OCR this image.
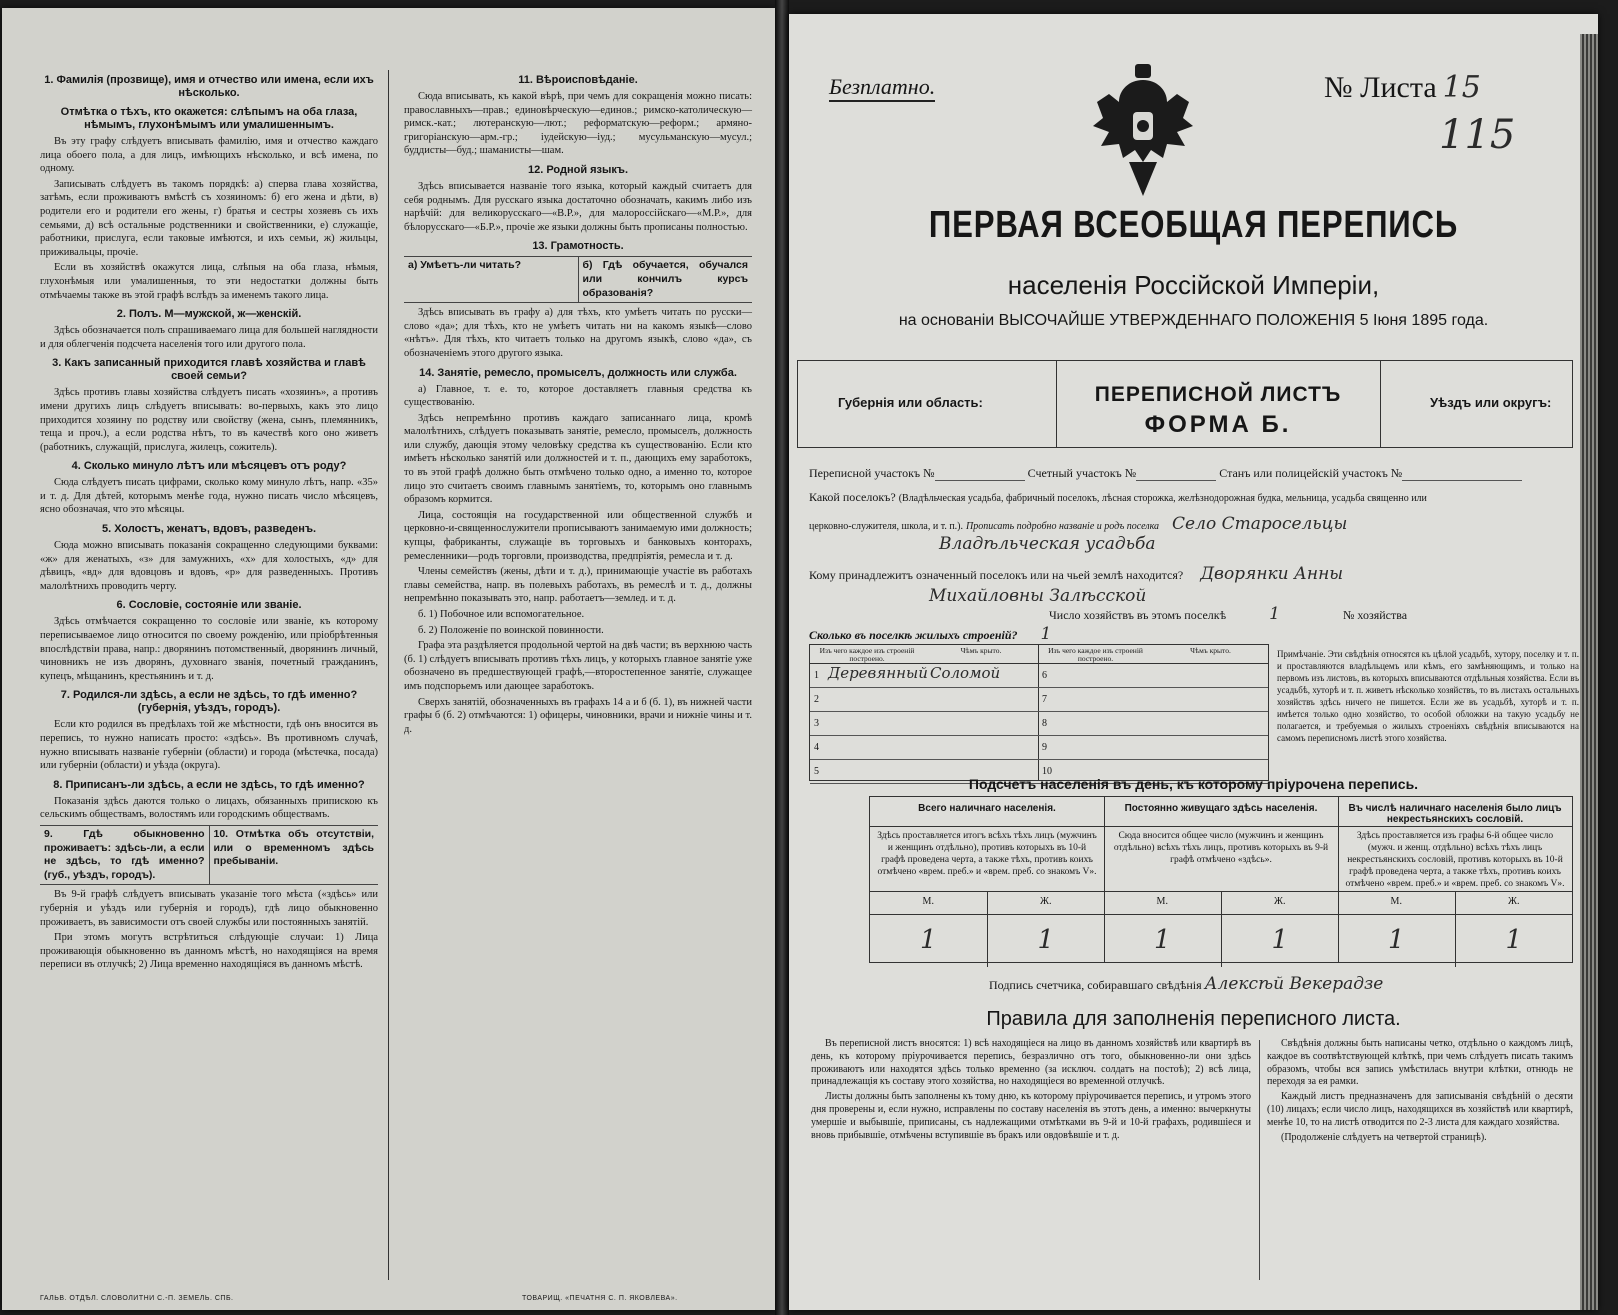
1. Фамилія (прозвище), имя и отчество или имена, если ихъ нѣсколько.
Отмѣтка о тѣхъ, кто окажется: слѣпымъ на оба глаза, нѣмымъ, глухонѣмымъ или умалишеннымъ.
Въ эту графу слѣдуетъ вписывать фамилію, имя и отчество каждаго лица обоего пола, а для лицъ, имѣющихъ нѣсколько, и всѣ имена, по одному.
Записывать слѣдуетъ въ такомъ порядкѣ: а) сперва глава хозяйства, затѣмъ, если проживаютъ вмѣстѣ съ хозяиномъ: б) его жена и дѣти, в) родители его и родители его жены, г) братья и сестры хозяевъ съ ихъ семьями, д) всѣ остальные родственники и свойственники, е) служащіе, работники, прислуга, если таковые имѣются, и ихъ семьи, ж) жильцы, приживальцы, прочіе.
Если въ хозяйствѣ окажутся лица, слѣпыя на оба глаза, нѣмыя, глухонѣмыя или умалишенныя, то эти недостатки должны быть отмѣчаемы также въ этой графѣ вслѣдъ за именемъ такого лица.
2. Полъ. М—мужской, ж—женскій.
Здѣсь обозначается полъ спрашиваемаго лица для большей наглядности и для облегченія подсчета населенія того или другого пола.
3. Какъ записанный приходится главѣ хозяйства и главѣ своей семьи?
Здѣсь противъ главы хозяйства слѣдуетъ писать «хозяинъ», а противъ имени другихъ лицъ слѣдуетъ вписывать: во-первыхъ, какъ это лицо приходится хозяину по родству или свойству (жена, сынъ, племянникъ, теща и проч.), а если родства нѣтъ, то въ качествѣ кого оно живетъ (работникъ, служащій, прислуга, жилецъ, сожитель).
4. Сколько минуло лѣтъ или мѣсяцевъ отъ роду?
Сюда слѣдуетъ писать цифрами, сколько кому минуло лѣтъ, напр. «35» и т. д. Для дѣтей, которымъ менѣе года, нужно писать число мѣсяцевъ, ясно обозначая, что это мѣсяцы.
5. Холостъ, женатъ, вдовъ, разведенъ.
Сюда можно вписывать показанія сокращенно следующими буквами: «ж» для женатыхъ, «з» для замужнихъ, «х» для холостыхъ, «д» для дѣвицъ, «вд» для вдовцовъ и вдовъ, «р» для разведенныхъ. Противъ малолѣтнихъ проводить черту.
6. Сословіе, состояніе или званіе.
Здѣсь отмѣчается сокращенно то сословіе или званіе, къ которому переписываемое лицо относится по своему рожденію, или пріобрѣтенныя впослѣдствіи права, напр.: дворянинъ потомственный, дворянинъ личный, чиновникъ не изъ дворянъ, духовнаго званія, почетный гражданинъ, купецъ, мѣщанинъ, крестьянинъ и т. д.
7. Родился-ли здѣсь, а если не здѣсь, то гдѣ именно? (губернія, уѣздъ, городъ).
Если кто родился въ предѣлахъ той же мѣстности, гдѣ онъ вносится въ перепись, то нужно написать просто: «здѣсь». Въ противномъ случаѣ, нужно вписывать названіе губерніи (области) и города (мѣстечка, посада) или губерніи (области) и уѣзда (округа).
8. Приписанъ-ли здѣсь, а если не здѣсь, то гдѣ именно?
Показанія здѣсь даются только о лицахъ, обязанныхъ припискою къ сельскимъ обществамъ, волостямъ или городскимъ обществамъ.
9. Гдѣ обыкновенно проживаетъ: здѣсь-ли, а если не здѣсь, то гдѣ именно? (губ., уѣздъ, городъ).
10. Отмѣтка объ отсутствіи, или о временномъ здѣсь пребываніи.
Въ 9-й графѣ слѣдуетъ вписывать указаніе того мѣста («здѣсь» или губернія и уѣздъ или губернія и городъ), гдѣ лицо обыкновенно проживаетъ, въ зависимости отъ своей службы или постоянныхъ занятій.
При этомъ могутъ встрѣтиться слѣдующіе случаи: 1) Лица проживающія обыкновенно въ данномъ мѣстѣ, но находящіяся на время переписи въ отлучкѣ; 2) Лица временно находящіяся въ данномъ мѣстѣ.
11. Вѣроисповѣданіе.
Сюда вписывать, къ какой вѣрѣ, при чемъ для сокращенія можно писать: православныхъ—прав.; единовѣрческую—единов.; римско-католическую—римск.-кат.; лютеранскую—лют.; реформатскую—реформ.; армяно-григоріанскую—арм.-гр.; іудейскую—іуд.; мусульманскую—мусул.; буддисты—буд.; шаманисты—шам.
12. Родной языкъ.
Здѣсь вписывается названіе того языка, который каждый считаетъ для себя роднымъ. Для русскаго языка достаточно обозначать, какимъ либо изъ нарѣчій: для великорусскаго—«В.Р.», для малороссійскаго—«М.Р.», для бѣлорусскаго—«Б.Р.», прочіе же языки должны быть прописаны полностью.
13. Грамотность.
а) Умѣетъ-ли читать?	б) Гдѣ обучается, обучался или кончилъ курсъ образованія?
Здѣсь вписывать въ графу а) для тѣхъ, кто умѣетъ читать по русски—слово «да»; для тѣхъ, кто не умѣетъ читать ни на какомъ языкѣ—слово «нѣтъ». Для тѣхъ, кто читаетъ только на другомъ языкѣ, слово «да», съ обозначеніемъ этого другого языка.
14. Занятіе, ремесло, промыселъ, должность или служба.
а) Главное, т. е. то, которое доставляетъ главныя средства къ существованію.
Здѣсь непремѣнно противъ каждаго записаннаго лица, кромѣ малолѣтнихъ, слѣдуетъ показывать занятіе, ремесло, промыселъ, должность или службу, дающія этому человѣку средства къ существованію. Если кто имѣетъ нѣсколько занятій или должностей и т. п., дающихъ ему заработокъ, то въ этой графѣ должно быть отмѣчено только одно, а именно то, которое лицо это считаетъ своимъ главнымъ занятіемъ, то, которымъ оно главнымъ образомъ кормится.
Лица, состоящія на государственной или общественной службѣ и церковно-и-священнослужители прописываютъ занимаемую ими должность; купцы, фабриканты, служащіе въ торговыхъ и банковыхъ конторахъ, ремесленники—родъ торговли, производства, предпріятія, ремесла и т. д.
Члены семействъ (жены, дѣти и т. д.), принимающіе участіе въ работахъ главы семейства, напр. въ полевыхъ работахъ, въ ремеслѣ и т. д., должны непремѣнно показывать это, напр. работаетъ—землед. и т. д.
б. 1) Побочное или вспомогательное.
б. 2) Положеніе по воинской повинности.
Графа эта раздѣляется продольной чертой на двѣ части; въ верхнюю часть (б. 1) слѣдуетъ вписывать противъ тѣхъ лицъ, у которыхъ главное занятіе уже обозначено въ предшествующей графѣ,—второстепенное занятіе, служащее имъ подспорьемъ или дающее заработокъ.
Сверхъ занятій, обозначенныхъ въ графахъ 14 а и б (б. 1), въ нижней части графы б (б. 2) отмѣчаются: 1) офицеры, чиновники, врачи и нижніе чины и т. д.
ГАЛЬВ. ОТДѢЛ. СЛОВОЛИТНИ С.-П. ЗЕМЕЛЬ. СПБ.	ТОВАРИЩ. «ПЕЧАТНЯ С. П. ЯКОВЛЕВА».
Безплатно.	№ Листа 15
115
ПЕРВАЯ ВСЕОБЩАЯ ПЕРЕПИСЬ
населенія Россійской Имперіи,
на основаніи ВЫСОЧАЙШЕ УТВЕРЖДЕННАГО ПОЛОЖЕНІЯ 5 Іюня 1895 года.
Губернія или область:	ПЕРЕПИСНОЙ ЛИСТЪ
ФОРМА Б.
Уѣздъ или округъ:
Переписной участокъ №	Счетный участокъ №	Станъ или полицейскій участокъ №
Какой поселокъ? (Владѣльческая усадьба, фабричный поселокъ, лѣсная сторожка, желѣзнодорожная будка, мельница, усадьба священно или
церковно-служителя, школа, и т. п.). Прописать подробно названіе и родъ поселка Село Старосельцы
Владѣльческая усадьба
Кому принадлежитъ означенный поселокъ или на чьей землѣ находится? Дворянки Анны
Михайловны Залѣсской
Число хозяйствъ въ этомъ поселкѣ	1	№ хозяйства
Сколько въ поселкѣ жилыхъ строеній? 1
Изъ чего каждое изъ строеній построено.
Чѣмъ крыто.
1 Деревянный Соломой
2
3
4
5
Изъ чего каждое изъ строеній построено.
Чѣмъ крыто.
6
7
8
9
10
Примѣчаніе. Эти свѣдѣнія относятся къ цѣлой усадьбѣ, хутору, поселку и т. п. и проставляются владѣльцемъ или кѣмъ, его замѣняющимъ, и только на первомъ изъ листовъ, въ которыхъ вписываются отдѣльныя хозяйства. Если въ усадьбѣ, хуторѣ и т. п. живетъ нѣсколько хозяйствъ, то въ листахъ остальныхъ хозяйствъ здѣсь ничего не пишется. Если же въ усадьбѣ, хуторѣ и т. п. имѣется только одно хозяйство, то особой обложки на такую усадьбу не полагается, и требуемыя о жилыхъ строеніяхъ свѣдѣнія вписываются на самомъ переписномъ листѣ этого хозяйства.
Подсчетъ населенія въ день, къ которому пріурочена перепись.
Всего наличнаго населенія.
Здѣсь проставляется итогъ всѣхъ тѣхъ лицъ (мужчинъ и женщинъ отдѣльно), противъ которыхъ въ 10-й графѣ проведена черта, а также тѣхъ, противъ коихъ отмѣчено «врем. преб.» и «врем. преб. со знакомъ V».
М.	Ж.
1	1
Постоянно живущаго здѣсь населенія.
Сюда вносится общее число (мужчинъ и женщинъ отдѣльно) всѣхъ тѣхъ лицъ, противъ которыхъ въ 9-й графѣ отмѣчено «здѣсь».
М.	Ж.
1	1
Въ числѣ наличнаго населенія было лицъ некрестьянскихъ сословій.
Здѣсь проставляется изъ графы 6-й общее число (мужч. и женщ. отдѣльно) всѣхъ тѣхъ лицъ некрестьянскихъ сословій, противъ которыхъ въ 10-й графѣ проведена черта, а также тѣхъ, противъ коихъ отмѣчено «врем. преб.» и «врем. преб. со знакомъ V».
М.	Ж.
1	1
Подпись счетчика, собиравшаго свѣдѣнія Алексѣй Векерадзе
Правила для заполненія переписного листа.
Въ переписной листъ вносятся: 1) всѣ находящіеся на лицо въ данномъ хозяйствѣ или квартирѣ въ день, къ которому пріурочивается перепись, безразлично отъ того, обыкновенно-ли они здѣсь проживаютъ или находятся здѣсь только временно (за исключ. солдатъ на постоѣ); 2) всѣ лица, принадлежащія къ составу этого хозяйства, но находящіеся во временной отлучкѣ.
Листы должны быть заполнены къ тому дню, къ которому пріурочивается перепись, и утромъ этого дня проверены и, если нужно, исправлены по составу населенія въ этотъ день, а именно: вычеркнуты умершіе и выбывшіе, приписаны, съ надлежащими отмѣтками въ 9-й и 10-й графахъ, родившіеся и вновь прибывшіе, отмѣчены вступившіе въ бракъ или овдовѣвшіе и т. д.
Свѣдѣнія должны быть написаны четко, отдѣльно о каждомъ лицѣ, каждое въ соотвѣтствующей клѣткѣ, при чемъ слѣдуетъ писать такимъ образомъ, чтобы вся запись умѣстилась внутри клѣтки, отнюдь не переходя за ея рамки.
Каждый листъ предназначенъ для записыванія свѣдѣній о десяти (10) лицахъ; если число лицъ, находящихся въ хозяйствѣ или квартирѣ, менѣе 10, то на листѣ отводится по 2-3 листа для каждаго хозяйства.
(Продолженіе слѣдуетъ на четвертой страницѣ).
